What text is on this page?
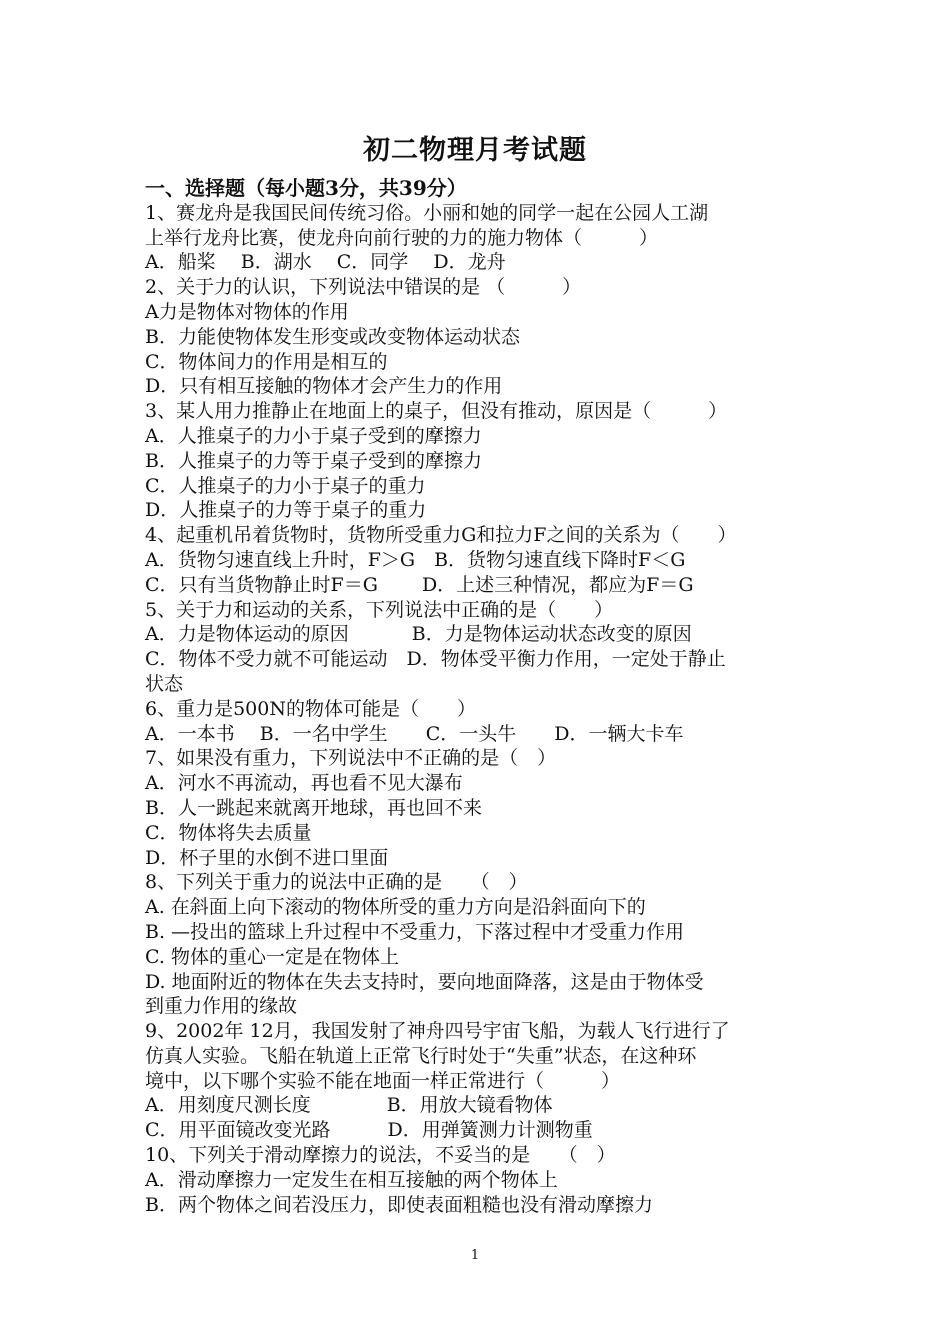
初二物理月考试题
一、选择题（每小题3分，共39分）
1、赛龙舟是我国民间传统习俗。小丽和她的同学一起在公园人工湖
上举行龙舟比赛，使龙舟向前行驶的力的施力物体（　　　）
A．船桨　 B．湖水　 C．同学　 D．龙舟
2、关于力的认识，下列说法中错误的是 （　　　）
A力是物体对物体的作用
B．力能使物体发生形变或改变物体运动状态
C．物体间力的作用是相互的
D．只有相互接触的物体才会产生力的作用
3、某人用力推静止在地面上的桌子，但没有推动，原因是（　　　）
A．人推桌子的力小于桌子受到的摩擦力
B．人推桌子的力等于桌子受到的摩擦力
C．人推桌子的力小于桌子的重力
D．人推桌子的力等于桌子的重力
4、起重机吊着货物时，货物所受重力G和拉力F之间的关系为（　　）
A．货物匀速直线上升时，F＞G　B．货物匀速直线下降时F＜G
C．只有当货物静止时F＝G　　 D．上述三种情况，都应为F＝G
5、关于力和运动的关系，下列说法中正确的是（　　）
A．力是物体运动的原因　　　 B．力是物体运动状态改变的原因
C．物体不受力就不可能运动　D．物体受平衡力作用，一定处于静止
状态
6、重力是500N的物体可能是（　　）
A．一本书　 B．一名中学生　　C．一头牛　　D．一辆大卡车
7、如果没有重力，下列说法中不正确的是（　）
A．河水不再流动，再也看不见大瀑布
B．人一跳起来就离开地球，再也回不来
C．物体将失去质量
D．杯子里的水倒不进口里面
8、下列关于重力的说法中正确的是　　（　）
A. 在斜面上向下滚动的物体所受的重力方向是沿斜面向下的
B. —投出的篮球上升过程中不受重力，下落过程中才受重力作用
C. 物体的重心一定是在物体上
D. 地面附近的物体在失去支持时，要向地面降落，这是由于物体受
到重力作用的缘故
9、2002年 12月，我国发射了神舟四号宇宙飞船，为载人飞行进行了
仿真人实验。飞船在轨道上正常飞行时处于“失重”状态，在这种环
境中，以下哪个实验不能在地面一样正常进行（　　　）
A．用刻度尺测长度　　　　B．用放大镜看物体
C．用平面镜改变光路　　　D．用弹簧测力计测物重
10、下列关于滑动摩擦力的说法，不妥当的是　　（　）
A．滑动摩擦力一定发生在相互接触的两个物体上
B．两个物体之间若没压力，即使表面粗糙也没有滑动摩擦力
1
